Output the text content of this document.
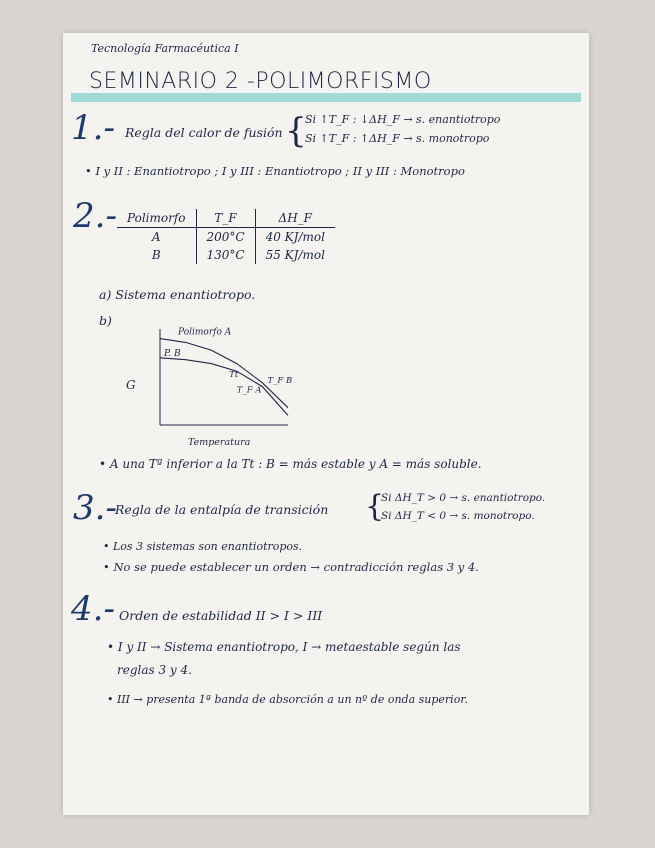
Tecnología Farmacéutica I
SEMINARIO 2 -POLIMORFISMO
1.- Regla del calor de fusión {
Si ↑T_F : ↓ΔH_F → s. enantiotropo
Si ↑T_F : ↑ΔH_F → s. monotropo
• I y II : Enantiotropo ; I y III : Enantiotropo ; II y III : Monotropo
2.- Polimorfo	T_F	ΔH_F
A	200°C	40 KJ/mol
B	130°C	55 KJ/mol
a) Sistema enantiotropo.
b)
G
Temperatura
Polimorfo A
P. B
Tt
T_F B
T_F A
• A una Tª inferior a la Tt : B = más estable y A = más soluble.
3.-
Regla de la entalpía de transición {
Si ΔH_T > 0 → s. enantiotropo.
Si ΔH_T < 0 → s. monotropo.
• Los 3 sistemas son enantiotropos.
• No se puede establecer un orden → contradicción reglas 3 y 4.
4.- Orden de estabilidad II > I > III
• I y II → Sistema enantiotropo, I → metaestable según las
reglas 3 y 4.
• III → presenta 1ª banda de absorción a un nº de onda superior.
